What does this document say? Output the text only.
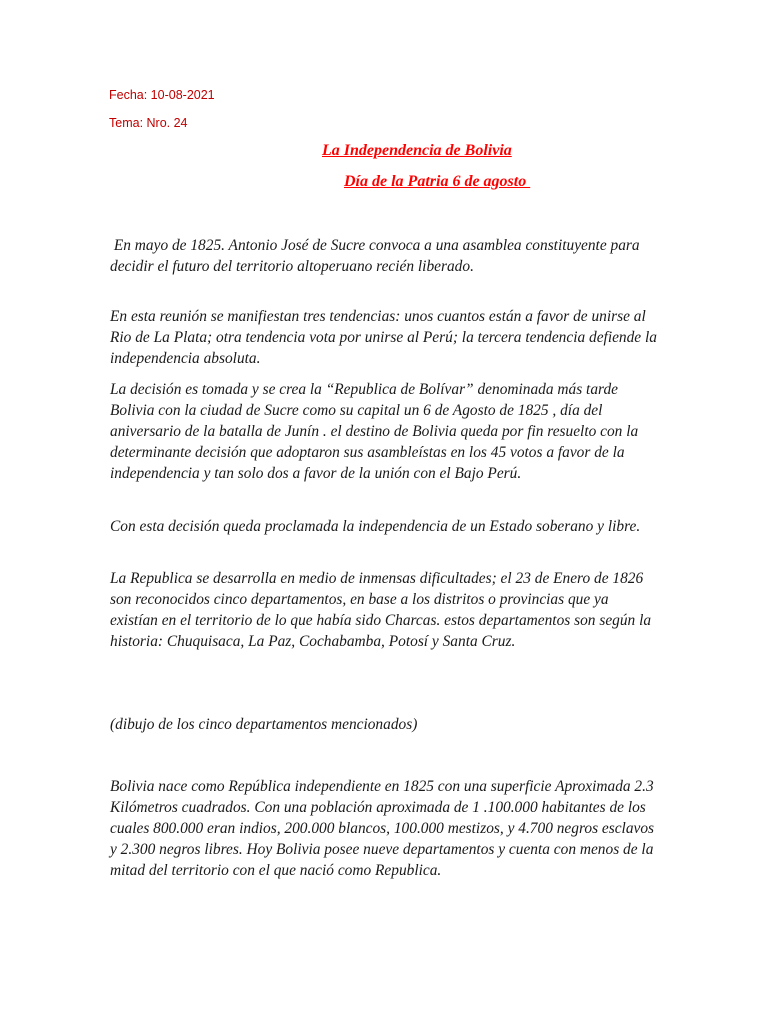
Fecha: 10-08-2021
Tema: Nro. 24
La Independencia de Bolivia
Día de la Patria 6 de agosto

En mayo de 1825. Antonio José de Sucre convoca a una asamblea constituyente para decidir el futuro del territorio altoperuano recién liberado.

En esta reunión se manifiestan tres tendencias: unos cuantos están a favor de unirse al Rio de La Plata; otra tendencia vota por unirse al Perú; la tercera tendencia defiende la independencia absoluta.

La decisión es tomada y se crea la “Republica de Bolívar” denominada más tarde Bolivia con la ciudad de Sucre como su capital un 6 de Agosto de 1825 , día del aniversario de la batalla de Junín . el destino de Bolivia queda por fin resuelto con la determinante decisión que adoptaron sus asambleístas en los 45 votos a favor de la independencia y tan solo dos a favor de la unión con el Bajo Perú.

Con esta decisión queda proclamada la independencia de un Estado soberano y libre.

La Republica se desarrolla en medio de inmensas dificultades; el 23 de Enero de 1826 son reconocidos cinco departamentos, en base a los distritos o provincias que ya existían en el territorio de lo que había sido Charcas. estos departamentos son según la historia: Chuquisaca, La Paz, Cochabamba, Potosí y Santa Cruz.

(dibujo de los cinco departamentos mencionados)

Bolivia nace como República independiente en 1825 con una superficie Aproximada 2.3 Kilómetros cuadrados. Con una población aproximada de 1 .100.000 habitantes de los cuales 800.000 eran indios, 200.000 blancos, 100.000 mestizos, y 4.700 negros esclavos y 2.300 negros libres. Hoy Bolivia posee nueve departamentos y cuenta con menos de la mitad del territorio con el que nació como Republica.
